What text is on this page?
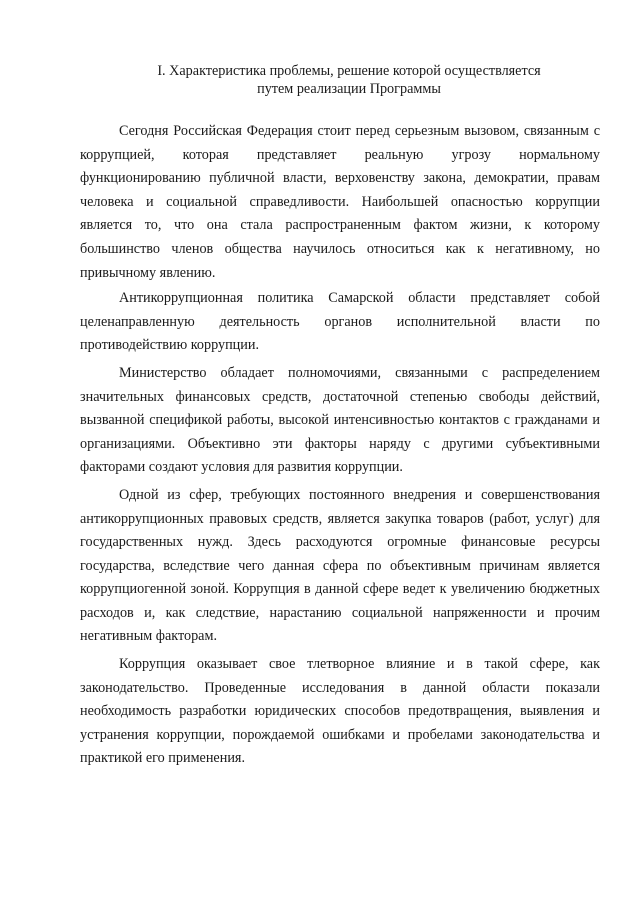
I. Характеристика проблемы, решение которой осуществляется
путем реализации Программы

Сегодня Российская Федерация стоит перед серьезным вызовом, связанным с коррупцией, которая представляет реальную угрозу нормальному функционированию публичной власти, верховенству закона, демократии, правам человека и социальной справедливости. Наибольшей опасностью коррупции является то, что она стала распространенным фактом жизни, к которому большинство членов общества научилось относиться как к негативному, но привычному явлению.

Антикоррупционная политика Самарской области представляет собой целенаправленную деятельность органов исполнительной власти по противодействию коррупции.

Министерство обладает полномочиями, связанными с распределением значительных финансовых средств, достаточной степенью свободы действий, вызванной спецификой работы, высокой интенсивностью контактов с гражданами и организациями. Объективно эти факторы наряду с другими субъективными факторами создают условия для развития коррупции.

Одной из сфер, требующих постоянного внедрения и совершенствования антикоррупционных правовых средств, является закупка товаров (работ, услуг) для государственных нужд. Здесь расходуются огромные финансовые ресурсы государства, вследствие чего данная сфера по объективным причинам является коррупциогенной зоной. Коррупция в данной сфере ведет к увеличению бюджетных расходов и, как следствие, нарастанию социальной напряженности и прочим негативным факторам.

Коррупция оказывает свое тлетворное влияние и в такой сфере, как законодательство. Проведенные исследования в данной области показали необходимость разработки юридических способов предотвращения, выявления и устранения коррупции, порождаемой ошибками и пробелами законодательства и практикой его применения.
